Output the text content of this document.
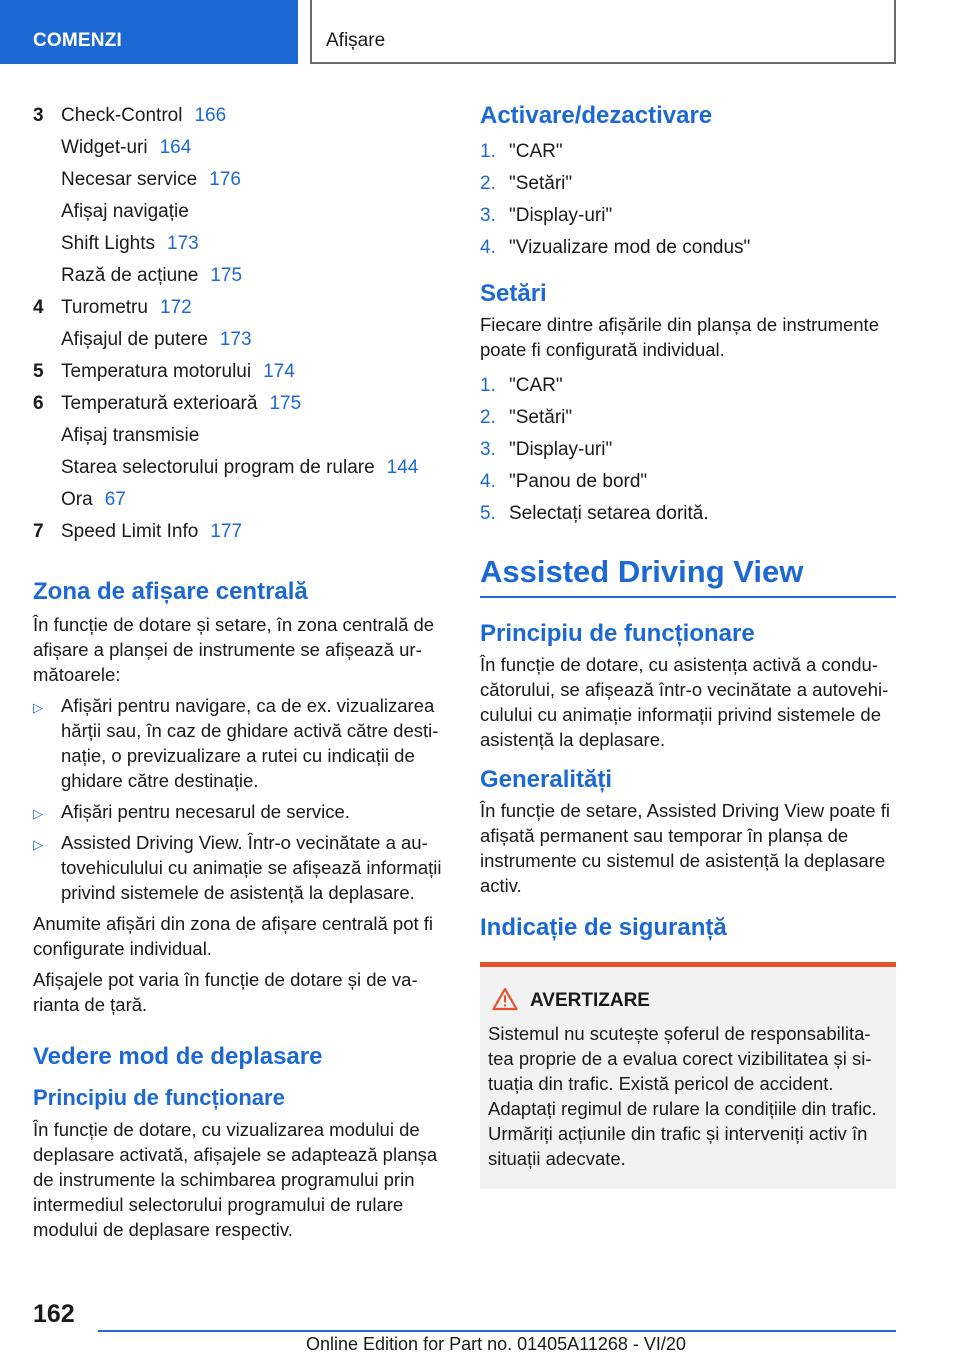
COMENZI	Afișare
3 Check-Control 166
Widget-uri 164
Necesar service 176
Afișaj navigație
Shift Lights 173
Rază de acțiune 175
4 Turometru 172
Afișajul de putere 173
5 Temperatura motorului 174
6 Temperatură exterioară 175
Afișaj transmisie
Starea selectorului program de rulare 144
Ora 67
7 Speed Limit Info 177
Zona de afișare centrală
În funcție de dotare și setare, în zona centrală de afișare a planșei de instrumente se afișează următoarele:
▷ Afișări pentru navigare, ca de ex. vizualizarea hărții sau, în caz de ghidare activă către destinație, o previzualizare a rutei cu indicații de ghidare către destinație.
▷ Afișări pentru necesarul de service.
▷ Assisted Driving View. Într-o vecinătate a autovehiculului cu animație se afișează informații privind sistemele de asistență la deplasare.
Anumite afișări din zona de afișare centrală pot fi configurate individual.
Afișajele pot varia în funcție de dotare și de varianta de țară.
Vedere mod de deplasare
Principiu de funcționare
În funcție de dotare, cu vizualizarea modului de deplasare activată, afișajele se adaptează planșa de instrumente la schimbarea programului prin intermediul selectorului programului de rulare modului de deplasare respectiv.
Activare/dezactivare
1. "CAR"
2. "Setări"
3. "Display-uri"
4. "Vizualizare mod de condus"
Setări
Fiecare dintre afișările din planșa de instrumente poate fi configurată individual.
1. "CAR"
2. "Setări"
3. "Display-uri"
4. "Panou de bord"
5. Selectați setarea dorită.
Assisted Driving View
Principiu de funcționare
În funcție de dotare, cu asistența activă a conducătorului, se afișează într-o vecinătate a autovehiculului cu animație informații privind sistemele de asistență la deplasare.
Generalități
În funcție de setare, Assisted Driving View poate fi afișată permanent sau temporar în planșa de instrumente cu sistemul de asistență la deplasare activ.
Indicație de siguranță
AVERTIZARE
Sistemul nu scutește șoferul de responsabilitatea proprie de a evalua corect vizibilitatea și situația din trafic. Există pericol de accident. Adaptați regimul de rulare la condițiile din trafic. Urmăriți acțiunile din trafic și interveniți activ în situații adecvate.
162
Online Edition for Part no. 01405A11268 - VI/20
